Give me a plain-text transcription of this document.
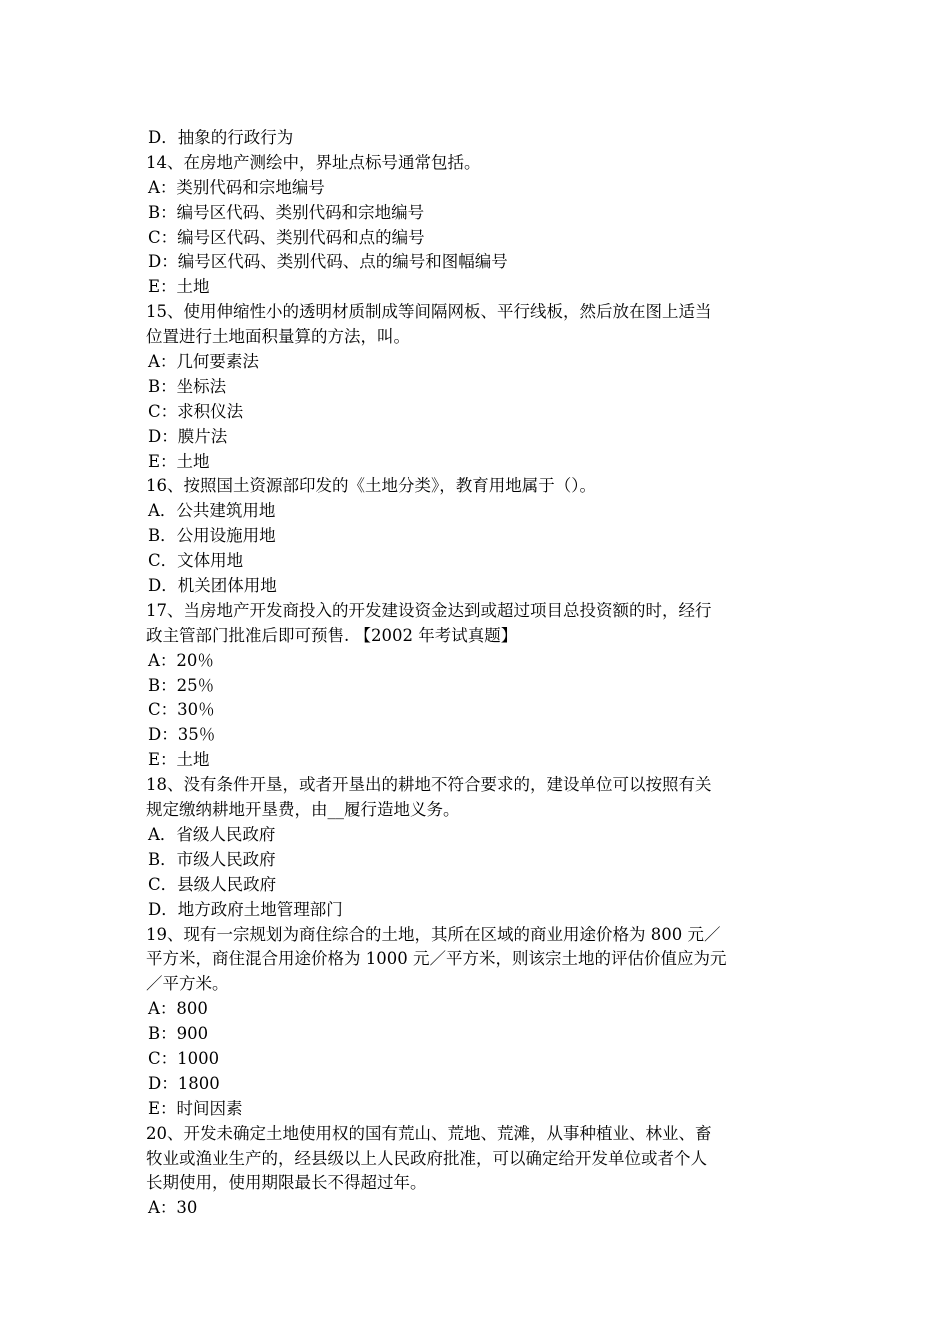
D．抽象的行政行为
14、在房地产测绘中，界址点标号通常包括。
A：类别代码和宗地编号
B：编号区代码、类别代码和宗地编号
C：编号区代码、类别代码和点的编号
D：编号区代码、类别代码、点的编号和图幅编号
E：土地
15、使用伸缩性小的透明材质制成等间隔网板、平行线板，然后放在图上适当
位置进行土地面积量算的方法，叫。
A：几何要素法
B：坐标法
C：求积仪法
D：膜片法
E：土地
16、按照国土资源部印发的《土地分类》，教育用地属于（）。
A．公共建筑用地
B．公用设施用地
C．文体用地
D．机关团体用地
17、当房地产开发商投入的开发建设资金达到或超过项目总投资额的时，经行
政主管部门批准后即可预售. 【2002 年考试真题】
A：20％
B：25％
C：30％
D：35％
E：土地
18、没有条件开垦，或者开垦出的耕地不符合要求的，建设单位可以按照有关
规定缴纳耕地开垦费，由__履行造地义务。
A．省级人民政府
B．市级人民政府
C．县级人民政府
D．地方政府土地管理部门
19、现有一宗规划为商住综合的土地，其所在区域的商业用途价格为 800 元／
平方米，商住混合用途价格为 1000 元／平方米，则该宗土地的评估价值应为元
／平方米。
A：800
B：900
C：1000
D：1800
E：时间因素
20、开发未确定土地使用权的国有荒山、荒地、荒滩，从事种植业、林业、畜
牧业或渔业生产的，经县级以上人民政府批准，可以确定给开发单位或者个人
长期使用，使用期限最长不得超过年。
A：30
